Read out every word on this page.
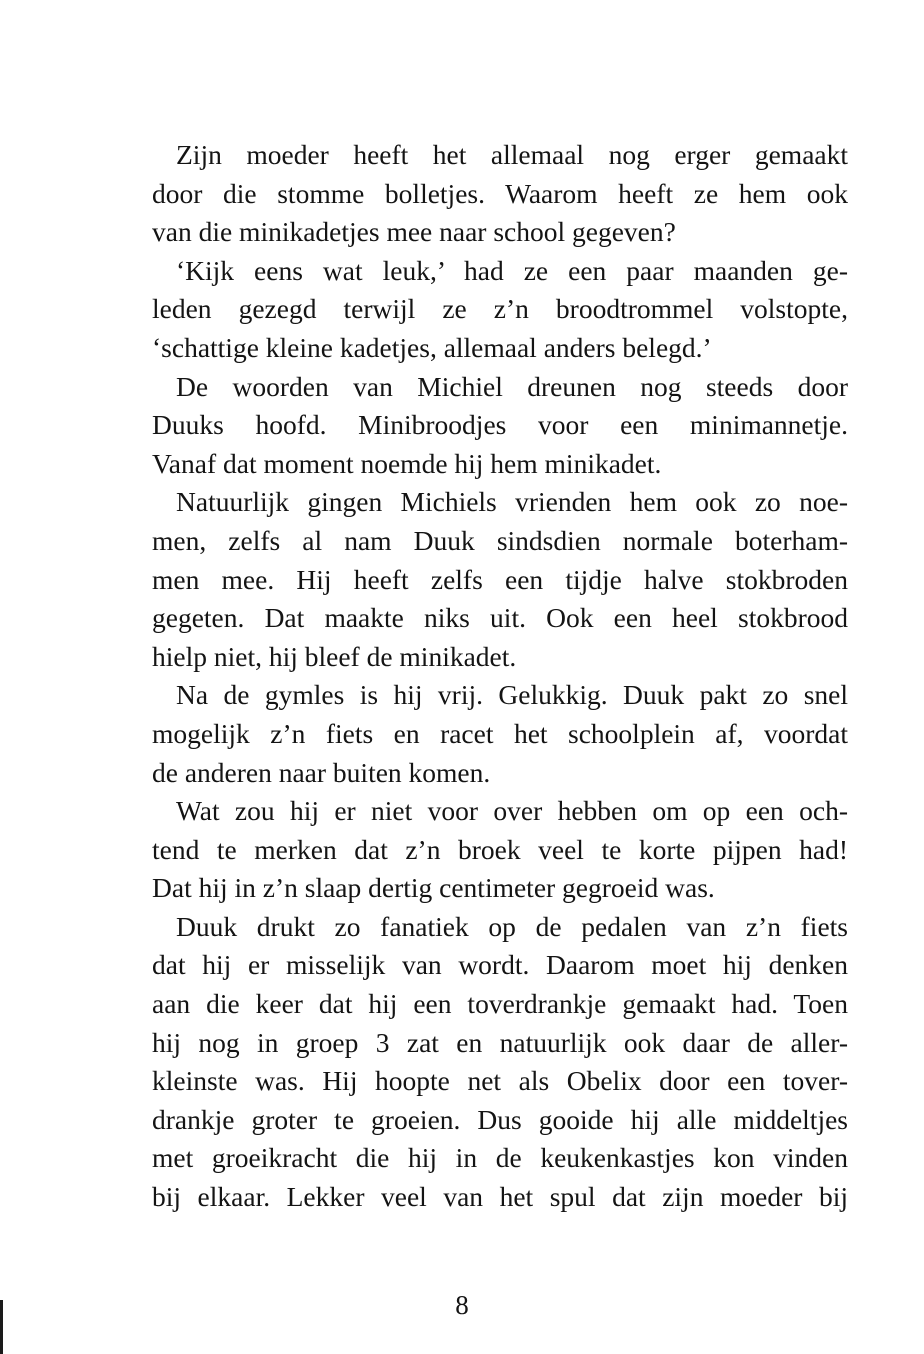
Zijn moeder heeft het allemaal nog erger gemaakt
door die stomme bolletjes. Waarom heeft ze hem ook
van die minikadetjes mee naar school gegeven?
‘Kijk eens wat leuk,’ had ze een paar maanden ge-
leden gezegd terwijl ze z’n broodtrommel volstopte,
‘schattige kleine kadetjes, allemaal anders belegd.’
De woorden van Michiel dreunen nog steeds door
Duuks hoofd. Minibroodjes voor een minimannetje.
Vanaf dat moment noemde hij hem minikadet.
Natuurlijk gingen Michiels vrienden hem ook zo noe-
men, zelfs al nam Duuk sindsdien normale boterham-
men mee. Hij heeft zelfs een tijdje halve stokbroden
gegeten. Dat maakte niks uit. Ook een heel stokbrood
hielp niet, hij bleef de minikadet.
Na de gymles is hij vrij. Gelukkig. Duuk pakt zo snel
mogelijk z’n fiets en racet het schoolplein af, voordat
de anderen naar buiten komen.
Wat zou hij er niet voor over hebben om op een och-
tend te merken dat z’n broek veel te korte pijpen had!
Dat hij in z’n slaap dertig centimeter gegroeid was.
Duuk drukt zo fanatiek op de pedalen van z’n fiets
dat hij er misselijk van wordt. Daarom moet hij denken
aan die keer dat hij een toverdrankje gemaakt had. Toen
hij nog in groep 3 zat en natuurlijk ook daar de aller-
kleinste was. Hij hoopte net als Obelix door een tover-
drankje groter te groeien. Dus gooide hij alle middeltjes
met groeikracht die hij in de keukenkastjes kon vinden
bij elkaar. Lekker veel van het spul dat zijn moeder bij
8
